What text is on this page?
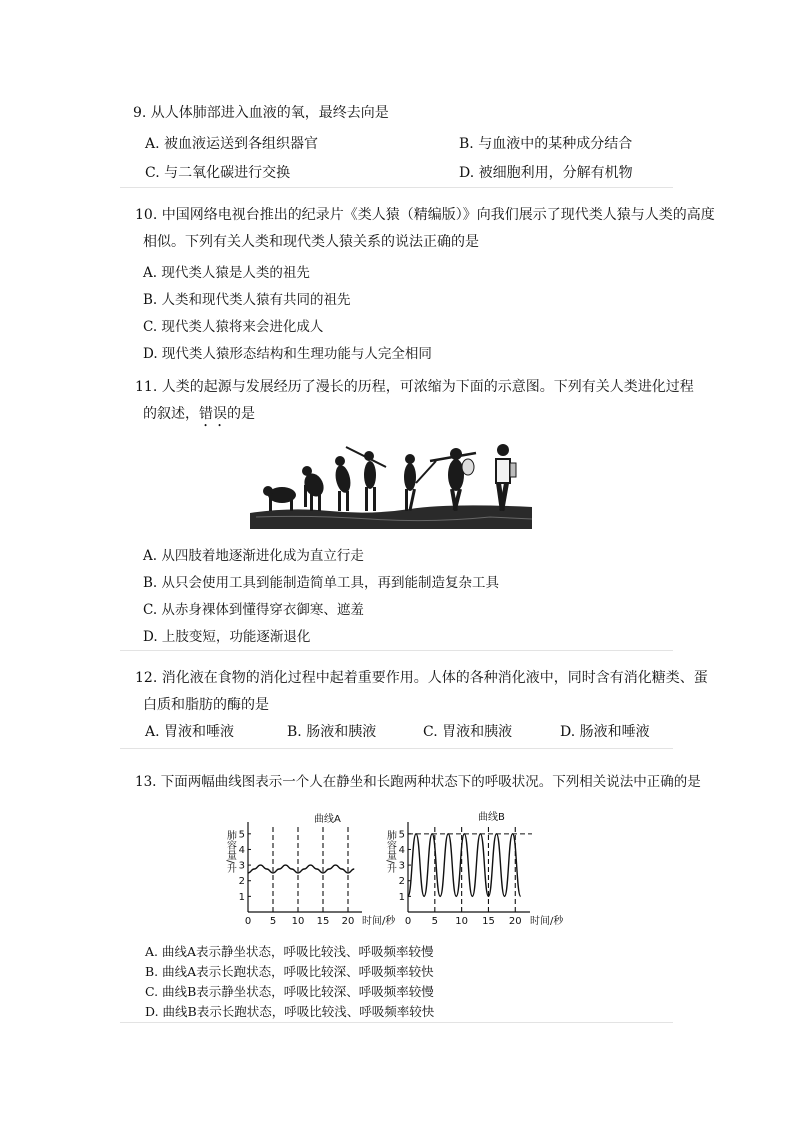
9. 从人体肺部进入血液的氧，最终去向是
A. 被血液运送到各组织器官	B. 与血液中的某种成分结合
C. 与二氧化碳进行交换	D. 被细胞利用，分解有机物
10. 中国网络电视台推出的纪录片《类人猿（精编版）》向我们展示了现代类人猿与人类的高度
相似。下列有关人类和现代类人猿关系的说法正确的是
A. 现代类人猿是人类的祖先
B. 人类和现代类人猿有共同的祖先
C. 现代类人猿将来会进化成人
D. 现代类人猿形态结构和生理功能与人完全相同
11. 人类的起源与发展经历了漫长的历程，可浓缩为下面的示意图。下列有关人类进化过程
的叙述，错误的是
A. 从四肢着地逐渐进化成为直立行走
B. 从只会使用工具到能制造简单工具，再到能制造复杂工具
C. 从赤身裸体到懂得穿衣御寒、遮羞
D. 上肢变短，功能逐渐退化
12. 消化液在食物的消化过程中起着重要作用。人体的各种消化液中，同时含有消化糖类、蛋
白质和脂肪的酶的是
A. 胃液和唾液	B. 肠液和胰液	C. 胃液和胰液	D. 肠液和唾液
13. 下面两幅曲线图表示一个人在静坐和长跑两种状态下的呼吸状况。下列相关说法中正确的是
1
2
3
4
5
0 5 10 15 20
曲线A
肺容量/升
时间/秒
1
2
3
4
5
0 5 10 15 20
曲线B
肺容量/升
时间/秒
A. 曲线A表示静坐状态，呼吸比较浅、呼吸频率较慢
B. 曲线A表示长跑状态，呼吸比较深、呼吸频率较快
C. 曲线B表示静坐状态，呼吸比较深、呼吸频率较慢
D. 曲线B表示长跑状态，呼吸比较浅、呼吸频率较快
